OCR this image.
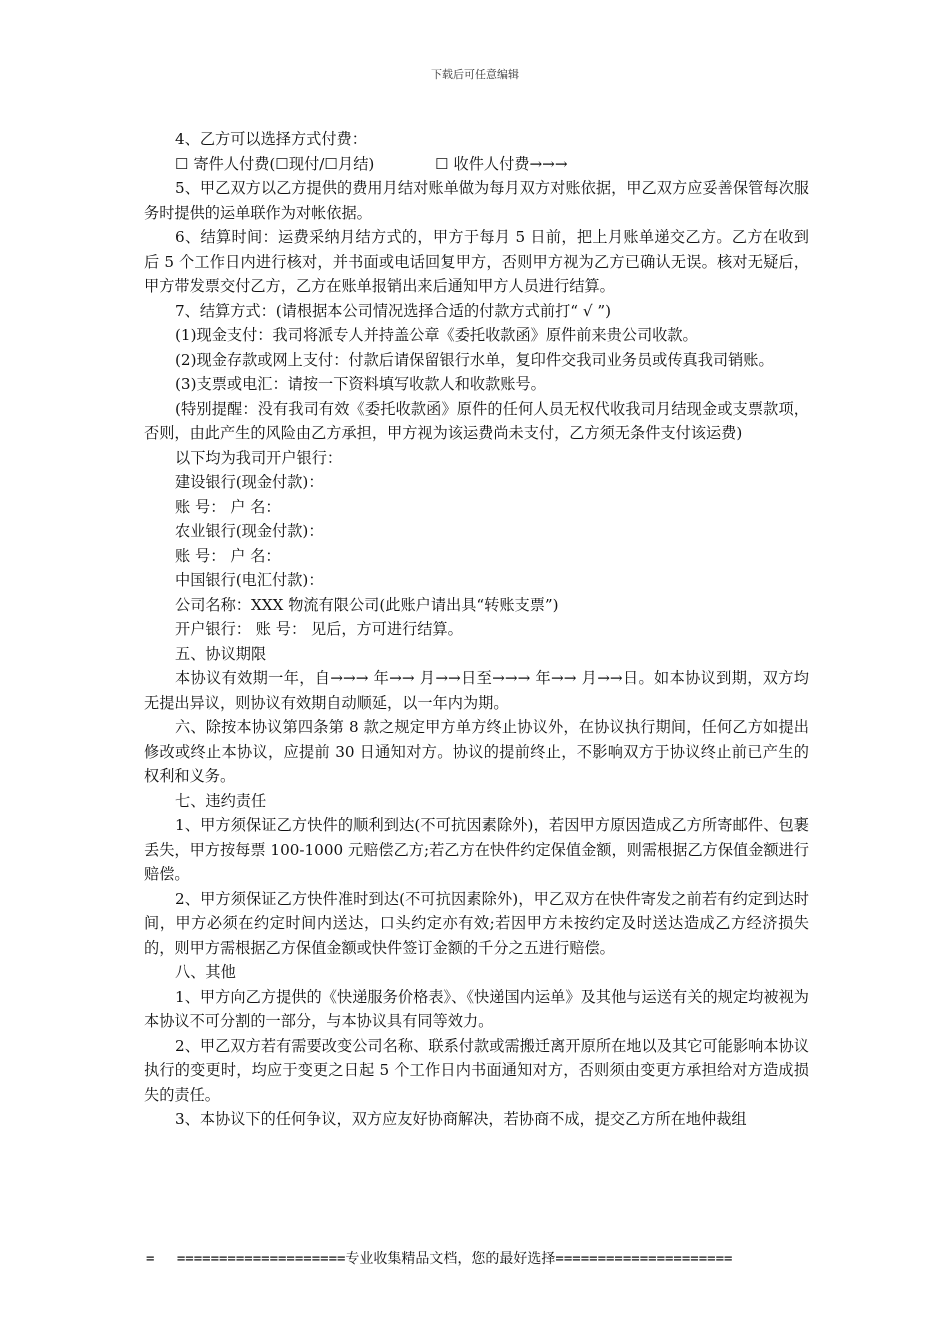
下载后可任意编辑

4、乙方可以选择方式付费：

☐ 寄件人付费(☐现付/☐月结)　　　　☐ 收件人付费→→→

5、甲乙双方以乙方提供的费用月结对账单做为每月双方对账依据，甲乙双方应妥善保管每次服务时提供的运单联作为对帐依据。

6、结算时间：运费采纳月结方式的，甲方于每月 5 日前，把上月账单递交乙方。乙方在收到后 5 个工作日内进行核对，并书面或电话回复甲方，否则甲方视为乙方已确认无误。核对无疑后，甲方带发票交付乙方，乙方在账单报销出来后通知甲方人员进行结算。

7、结算方式：(请根据本公司情况选择合适的付款方式前打“ √ ”)

(1)现金支付：我司将派专人并持盖公章《委托收款函》原件前来贵公司收款。

(2)现金存款或网上支付：付款后请保留银行水单，复印件交我司业务员或传真我司销账。

(3)支票或电汇：请按一下资料填写收款人和收款账号。

(特别提醒：没有我司有效《委托收款函》原件的任何人员无权代收我司月结现金或支票款项，否则，由此产生的风险由乙方承担，甲方视为该运费尚未支付，乙方须无条件支付该运费)

以下均为我司开户银行：

建设银行(现金付款)：

账 号： 户 名：

农业银行(现金付款)：

账 号： 户 名：

中国银行(电汇付款)：

公司名称：XXX 物流有限公司(此账户请出具“转账支票”)

开户银行： 账 号： 见后，方可进行结算。

五、协议期限

本协议有效期一年，自→→→ 年→→ 月→→日至→→→ 年→→ 月→→日。如本协议到期，双方均无提出异议，则协议有效期自动顺延，以一年内为期。

六、除按本协议第四条第 8 款之规定甲方单方终止协议外，在协议执行期间，任何乙方如提出修改或终止本协议，应提前 30 日通知对方。协议的提前终止，不影响双方于协议终止前已产生的权利和义务。

七、违约责任

1、甲方须保证乙方快件的顺利到达(不可抗因素除外)，若因甲方原因造成乙方所寄邮件、包裹丢失，甲方按每票 100-1000 元赔偿乙方;若乙方在快件约定保值金额，则需根据乙方保值金额进行赔偿。

2、甲方须保证乙方快件准时到达(不可抗因素除外)，甲乙双方在快件寄发之前若有约定到达时间，甲方必须在约定时间内送达，口头约定亦有效;若因甲方未按约定及时送达造成乙方经济损失的，则甲方需根据乙方保值金额或快件签订金额的千分之五进行赔偿。

八、其他

1、甲方向乙方提供的《快递服务价格表》、《快递国内运单》及其他与运送有关的规定均被视为本协议不可分割的一部分，与本协议具有同等效力。

2、甲乙双方若有需要改变公司名称、联系付款或需搬迁离开原所在地以及其它可能影响本协议执行的变更时，均应于变更之日起 5 个工作日内书面通知对方，否则须由变更方承担给对方造成损失的责任。

3、本协议下的任何争议，双方应友好协商解决，若协商不成，提交乙方所在地仲裁组

====================专业收集精品文档，您的最好选择=====================

=
